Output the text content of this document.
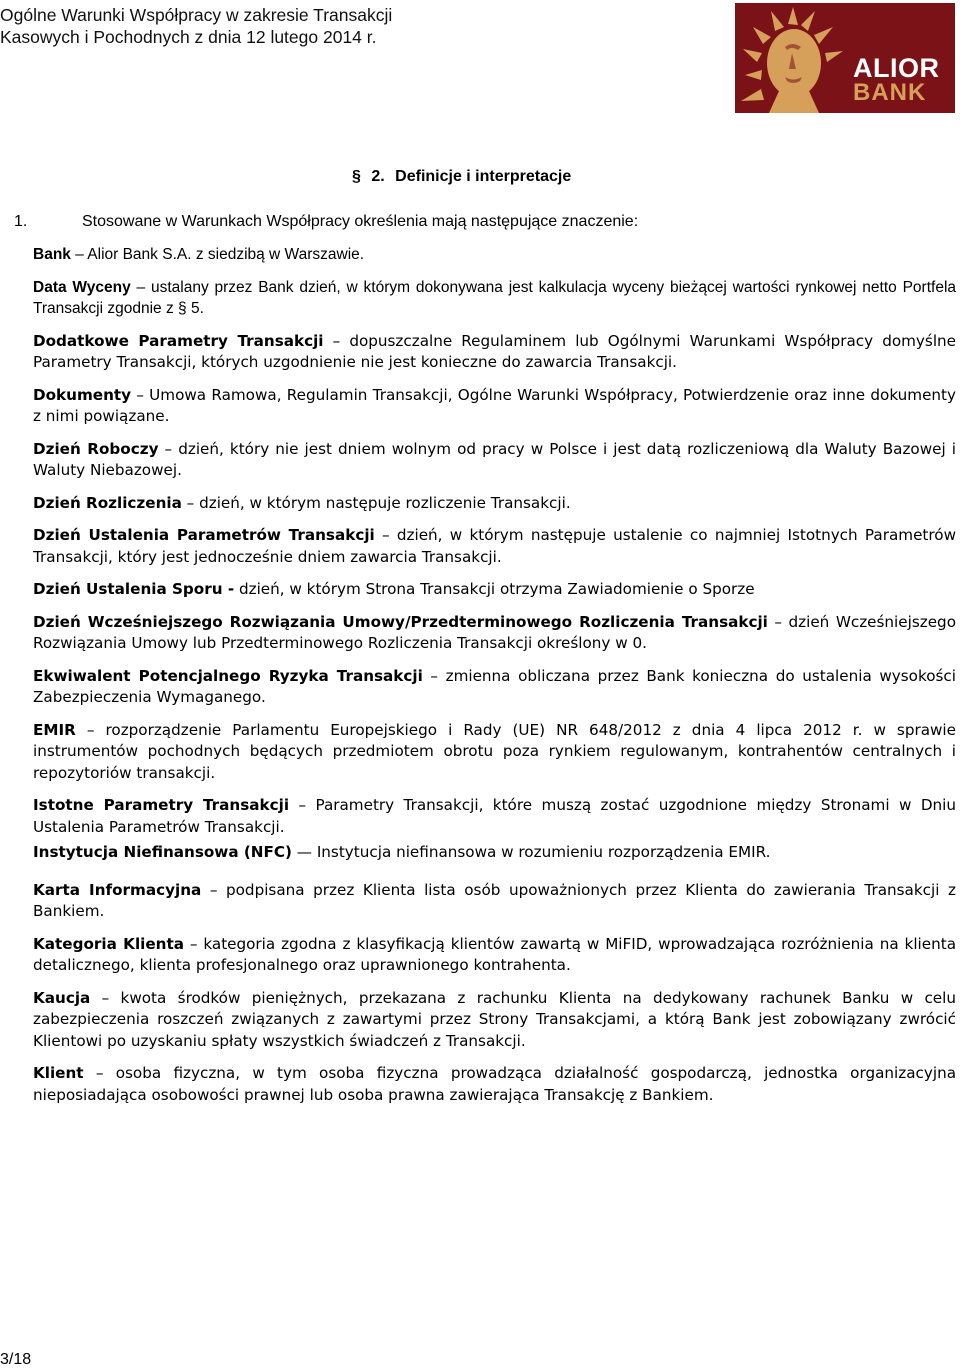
Ogólne Warunki Współpracy w zakresie Transakcji
Kasowych i Pochodnych z dnia 12 lutego 2014 r.
ALIOR
BANK
§ 2. Definicje i interpretacje
1.	Stosowane w Warunkach Współpracy określenia mają następujące znaczenie:

Bank – Alior Bank S.A. z siedzibą w Warszawie.

Data Wyceny – ustalany przez Bank dzień, w którym dokonywana jest kalkulacja wyceny bieżącej wartości rynkowej netto Portfela Transakcji zgodnie z § 5.

Dodatkowe Parametry Transakcji – dopuszczalne Regulaminem lub Ogólnymi Warunkami Współpracy domyślne Parametry Transakcji, których uzgodnienie nie jest konieczne do zawarcia Transakcji.

Dokumenty – Umowa Ramowa, Regulamin Transakcji, Ogólne Warunki Współpracy, Potwierdzenie oraz inne dokumenty z nimi powiązane.

Dzień Roboczy – dzień, który nie jest dniem wolnym od pracy w Polsce i jest datą rozliczeniową dla Waluty Bazowej i Waluty Niebazowej.

Dzień Rozliczenia – dzień, w którym następuje rozliczenie Transakcji.

Dzień Ustalenia Parametrów Transakcji – dzień, w którym następuje ustalenie co najmniej Istotnych Parametrów Transakcji, który jest jednocześnie dniem zawarcia Transakcji.

Dzień Ustalenia Sporu - dzień, w którym Strona Transakcji otrzyma Zawiadomienie o Sporze

Dzień Wcześniejszego Rozwiązania Umowy/Przedterminowego Rozliczenia Transakcji – dzień Wcześniejszego Rozwiązania Umowy lub Przedterminowego Rozliczenia Transakcji określony w 0.

Ekwiwalent Potencjalnego Ryzyka Transakcji – zmienna obliczana przez Bank konieczna do ustalenia wysokości Zabezpieczenia Wymaganego.

EMIR – rozporządzenie Parlamentu Europejskiego i Rady (UE) NR 648/2012 z dnia 4 lipca 2012 r. w sprawie instrumentów pochodnych będących przedmiotem obrotu poza rynkiem regulowanym, kontrahentów centralnych i repozytoriów transakcji.

Istotne Parametry Transakcji – Parametry Transakcji, które muszą zostać uzgodnione między Stronami w Dniu Ustalenia Parametrów Transakcji.

Instytucja Niefinansowa (NFC) — Instytucja niefinansowa w rozumieniu rozporządzenia EMIR.

Karta Informacyjna – podpisana przez Klienta lista osób upoważnionych przez Klienta do zawierania Transakcji z Bankiem.

Kategoria Klienta – kategoria zgodna z klasyfikacją klientów zawartą w MiFID, wprowadzająca rozróżnienia na klienta detalicznego, klienta profesjonalnego oraz uprawnionego kontrahenta.

Kaucja – kwota środków pieniężnych, przekazana z rachunku Klienta na dedykowany rachunek Banku w celu zabezpieczenia roszczeń związanych z zawartymi przez Strony Transakcjami, a którą Bank jest zobowiązany zwrócić Klientowi po uzyskaniu spłaty wszystkich świadczeń z Transakcji.

Klient – osoba fizyczna, w tym osoba fizyczna prowadząca działalność gospodarczą, jednostka organizacyjna nieposiadająca osobowości prawnej lub osoba prawna zawierająca Transakcję z Bankiem.

3/18
